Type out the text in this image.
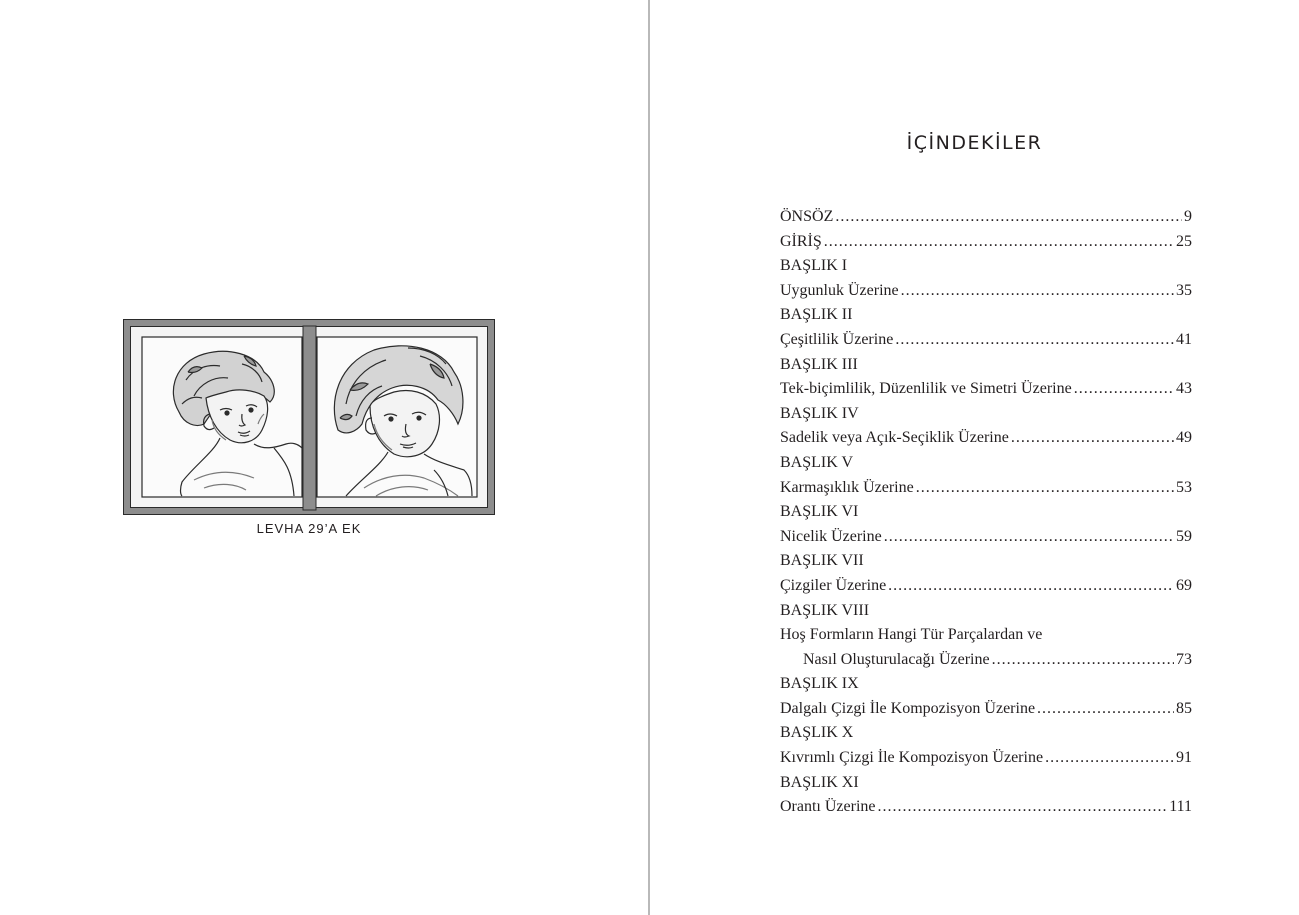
LEVHA 29’A EK
İÇİNDEKİLER
ÖNSÖZ .....	9
GİRİŞ .....	25
BAŞLIK I
Uygunluk Üzerine .....	35
BAŞLIK II
Çeşitlilik Üzerine .....	41
BAŞLIK III
Tek-biçimlilik, Düzenlilik ve Simetri Üzerine .....	43
BAŞLIK IV
Sadelik veya Açık-Seçiklik Üzerine .....	49
BAŞLIK V
Karmaşıklık Üzerine .....	53
BAŞLIK VI
Nicelik Üzerine .....	59
BAŞLIK VII
Çizgiler Üzerine .....	69
BAŞLIK VIII
Hoş Formların Hangi Tür Parçalardan ve
Nasıl Oluşturulacağı Üzerine .....	73
BAŞLIK IX
Dalgalı Çizgi İle Kompozisyon Üzerine .....	85
BAŞLIK X
Kıvrımlı Çizgi İle Kompozisyon Üzerine .....	91
BAŞLIK XI
Orantı Üzerine .....	111
